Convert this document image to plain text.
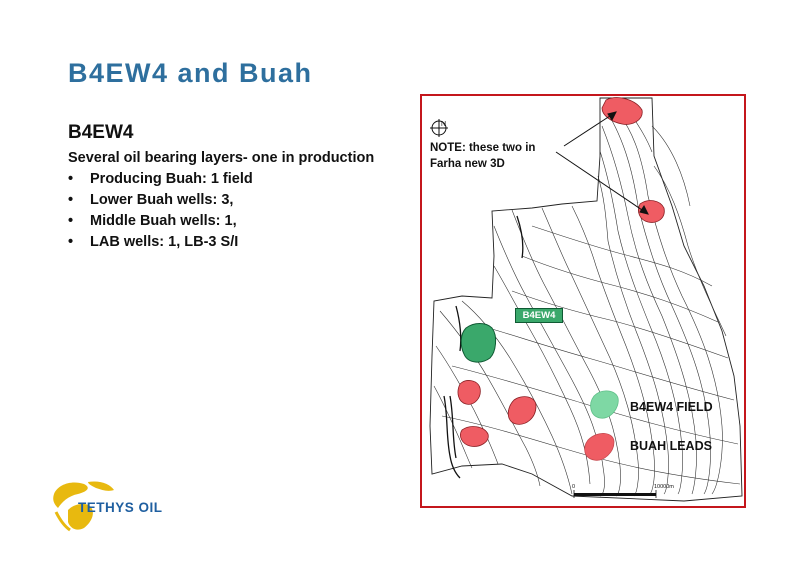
B4EW4 and Buah
B4EW4
Several oil bearing layers- one in production
• Producing Buah: 1 field
• Lower Buah wells: 3,
• Middle Buah wells: 1,
• LAB wells: 1, LB-3 S/I
N
NOTE: these two in
Farha new 3D
B4EW4
B4EW4 FIELD
BUAH LEADS
0	10000m
TETHYS OIL
